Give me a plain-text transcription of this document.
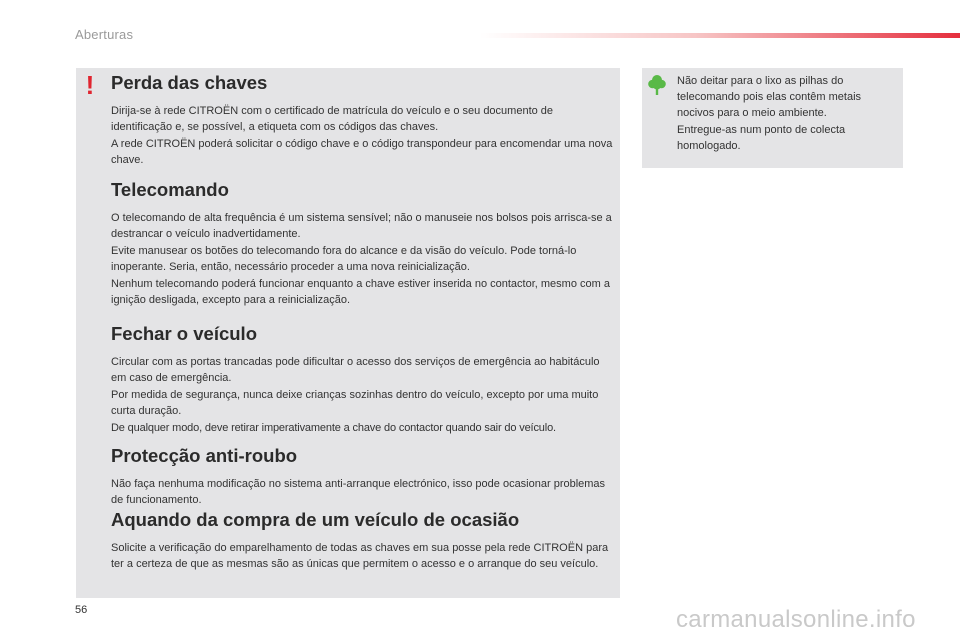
Aberturas
! Perda das chaves

Dirija-se à rede CITROËN com o certificado de matrícula do veículo e o seu documento de identificação e, se possível, a etiqueta com os códigos das chaves.

A rede CITROËN poderá solicitar o código chave e o código transpondeur para encomendar uma nova chave.

Telecomando

O telecomando de alta frequência é um sistema sensível; não o manuseie nos bolsos pois arrisca-se a destrancar o veículo inadvertidamente.

Evite manusear os botões do telecomando fora do alcance e da visão do veículo. Pode torná-lo inoperante. Seria, então, necessário proceder a uma nova reinicialização.

Nenhum telecomando poderá funcionar enquanto a chave estiver inserida no contactor, mesmo com a ignição desligada, excepto para a reinicialização.

Fechar o veículo

Circular com as portas trancadas pode dificultar o acesso dos serviços de emergência ao habitáculo em caso de emergência.

Por medida de segurança, nunca deixe crianças sozinhas dentro do veículo, excepto por uma muito curta duração.

De qualquer modo, deve retirar imperativamente a chave do contactor quando sair do veículo.

Protecção anti-roubo

Não faça nenhuma modificação no sistema anti-arranque electrónico, isso pode ocasionar problemas de funcionamento.

Aquando da compra de um veículo de ocasião

Solicite a verificação do emparelhamento de todas as chaves em sua posse pela rede CITROËN para ter a certeza de que as mesmas são as únicas que permitem o acesso e o arranque do seu veículo.

Não deitar para o lixo as pilhas do telecomando pois elas contêm metais nocivos para o meio ambiente.
Entregue-as num ponto de colecta homologado.
56	carmanualsonline.info
